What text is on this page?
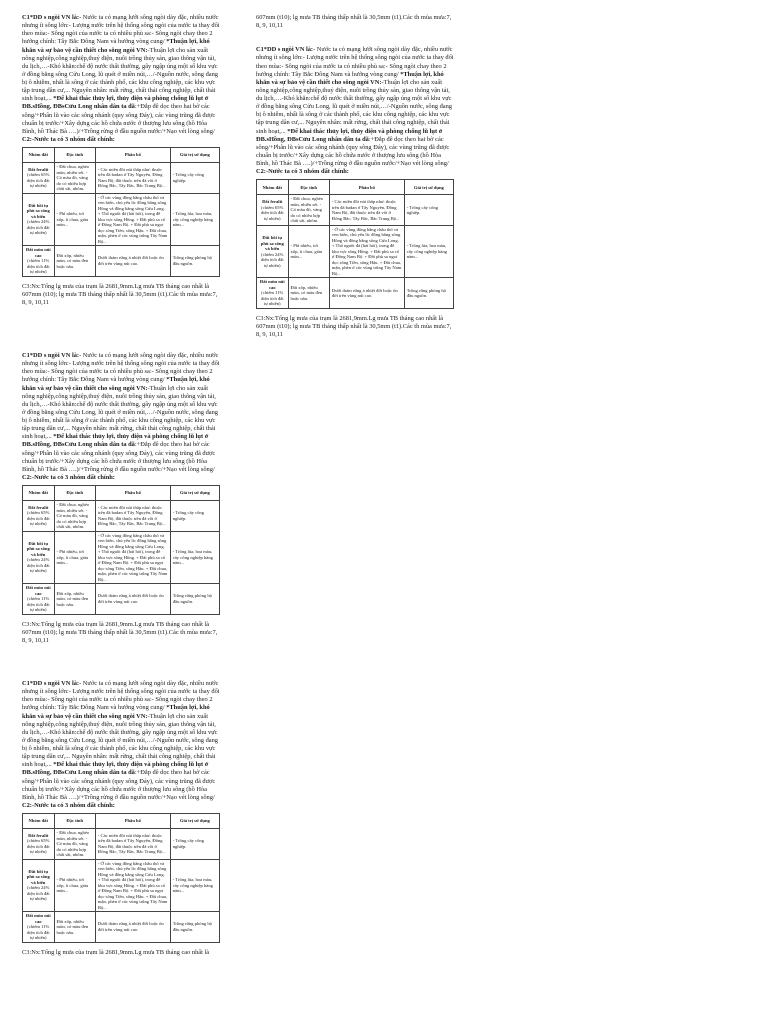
C1*DD s ngòi VN là:- Nước ta có mạng lưới sông ngòi dày đặc, nhiều nước nhưng ít sông lớn:- Lượng nước trên hệ thống sông ngòi của nước ta thay đổi theo mùa:- Sông ngòi của nước ta có nhiều phù sa:- Sông ngòi chay theo 2 hướng chính: Tây Bắc Đông Nam và hướng vòng cung/ *Thuận lợi, khó khăn và sự bảo vệ cần thiết cho sông ngòi VN:-Thuận lợi cho sản xuất nông nghiệp,công nghiệp,thuỷ điện, nuôi trồng thủy sản, giao thông vận tải, du lịch,…-Khó khăn:chế độ nước thất thường, gây ngập úng một số khu vực ở đồng bằng sông Cửu Long, lũ quét ở miền núi,…/-Nguồn nước, sông đang bị ô nhiễm, nhất là sông ở các thành phố, các khu công nghiệp, các khu vực tập trung dân cư,... Nguyên nhân: mất rừng, chất thải công nghiệp, chất thải sinh hoạt,... *Để khai thác thủy lợi, thủy điện và phòng chống lũ lụt ở ĐB.sHồng, ĐBsCửu Long nhân dân ta đã:+Đắp đê dọc theo hai bờ các sông/+Phân lũ vào các sông nhánh (quy sông Đáy), các vùng trũng đã được chuẩn bị trước/+Xây dựng các hồ chứa nước ở thượng lưu sông (hồ Hòa Bình, hồ Thác Bà ….)/+Trồng rừng ở đầu nguồn nước/+Nạo vét lòng sông/ C2:-Nước ta có 3 nhóm đất chính:

Nhóm đất	Đặc tính	Phân bố	Giá trị sử dụng
Đất feralit
(chiếm 65% diện tích đất tự nhiên)	- Đất chua, nghèo mùn, nhiều sét. - Có màu đỏ, vàng do có nhiều hợp chất sắt, nhôm.	- Các miền đồi núi thấp như: thuộc trên đá badan ở Tây Nguyên, Đông Nam Bộ, đất thuộc trên đá vôi ở Đông Bắc, Tây Bắc, Bắc Trung Bộ...	- Trồng cây công nghiệp.
Đất bồi tụ phù sa sông và biển
(chiếm 24% diện tích đất tự nhiên)	- Phì nhiêu, tơi xốp, ít chua, giàu mùn...	- Ở các vùng đồng bằng châu thổ và ven biển, chủ yếu là: đồng bằng sông Hồng và đồng bằng sông Cửu Long. + Thổ nguồi đá (hải hói), trong đê khu vực sông Hồng. + Đất phù sa cổ ở Đông Nam Bộ. + Đất phù sa ngọt dọc sông Tiền, sông Hậu. + Đất chua, mặn, phèn ở các vùng trũng Tây Nam Bộ...	- Trồng lúa, hoa màu, cây công nghiệp hàng năm...
Đất mùn núi cao
(chiếm 11% diện tích đất tự nhiên)	Đất xốp, nhiều mùn, có màu đen hoặc nâu.	Dưới thảm rừng á nhiệt đới hoặc ôn đới trên vùng núi cao.	Trồng rừng phòng hộ đầu nguồn.

C3:Nx:Tổng lg mưa của trạm là 2681,9mm.Lg mưa TB tháng cao nhất là 607mm (t10); lg mưa TB tháng thấp nhất là 30,5mm (t1).Các th mùa mưa:7, 8, 9, 10,11

C1*DD s ngòi VN là:- Nước ta có mạng lưới sông ngòi dày đặc, nhiều nước nhưng ít sông lớn:- Lượng nước trên hệ thống sông ngòi của nước ta thay đổi theo mùa:- Sông ngòi của nước ta có nhiều phù sa:- Sông ngòi chay theo 2 hướng chính: Tây Bắc Đông Nam và hướng vòng cung/ *Thuận lợi, khó khăn và sự bảo vệ cần thiết cho sông ngòi VN:-Thuận lợi cho sản xuất nông nghiệp,công nghiệp,thuỷ điện, nuôi trồng thủy sản, giao thông vận tải, du lịch,…-Khó khăn:chế độ nước thất thường, gây ngập úng một số khu vực ở đồng bằng sông Cửu Long, lũ quét ở miền núi,…/-Nguồn nước, sông đang bị ô nhiễm, nhất là sông ở các thành phố, các khu công nghiệp, các khu vực tập trung dân cư,... Nguyên nhân: mất rừng, chất thải công nghiệp, chất thải sinh hoạt,... *Để khai thác thủy lợi, thủy điện và phòng chống lũ lụt ở ĐB.sHồng, ĐBsCửu Long nhân dân ta đã:+Đắp đê dọc theo hai bờ các sông/+Phân lũ vào các sông nhánh (quy sông Đáy), các vùng trũng đã được chuẩn bị trước/+Xây dựng các hồ chứa nước ở thượng lưu sông (hồ Hòa Bình, hồ Thác Bà ….)/+Trồng rừng ở đầu nguồn nước/+Nạo vét lòng sông/ C2:-Nước ta có 3 nhóm đất chính:

Nhóm đất	Đặc tính	Phân bố	Giá trị sử dụng
Đất feralit
(chiếm 65% diện tích đất tự nhiên)	- Đất chua, nghèo mùn, nhiều sét. - Có màu đỏ, vàng do có nhiều hợp chất sắt, nhôm.	- Các miền đồi núi thấp như: thuộc trên đá badan ở Tây Nguyên, Đông Nam Bộ, đất thuộc trên đá vôi ở Đông Bắc, Tây Bắc, Bắc Trung Bộ...	- Trồng cây công nghiệp.
Đất bồi tụ phù sa sông và biển
(chiếm 24% diện tích đất tự nhiên)	- Phì nhiêu, tơi xốp, ít chua, giàu mùn...	- Ở các vùng đồng bằng châu thổ và ven biển, chủ yếu là: đồng bằng sông Hồng và đồng bằng sông Cửu Long. + Thổ nguồi đá (hải hói), trong đê khu vực sông Hồng. + Đất phù sa cổ ở Đông Nam Bộ. + Đất phù sa ngọt dọc sông Tiền, sông Hậu. + Đất chua, mặn, phèn ở các vùng trũng Tây Nam Bộ...	- Trồng lúa, hoa màu, cây công nghiệp hàng năm...
Đất mùn núi cao
(chiếm 11% diện tích đất tự nhiên)	Đất xốp, nhiều mùn, có màu đen hoặc nâu.	Dưới thảm rừng á nhiệt đới hoặc ôn đới trên vùng núi cao.	Trồng rừng phòng hộ đầu nguồn.

C3:Nx:Tổng lg mưa của trạm là 2681,9mm.Lg mưa TB tháng cao nhất là 607mm (t10); lg mưa TB tháng thấp nhất là 30,5mm (t1).Các th mùa mưa:7, 8, 9, 10,11

C1*DD s ngòi VN là:- Nước ta có mạng lưới sông ngòi dày đặc, nhiều nước nhưng ít sông lớn:- Lượng nước trên hệ thống sông ngòi của nước ta thay đổi theo mùa:- Sông ngòi của nước ta có nhiều phù sa:- Sông ngòi chay theo 2 hướng chính: Tây Bắc Đông Nam và hướng vòng cung/ *Thuận lợi, khó khăn và sự bảo vệ cần thiết cho sông ngòi VN:-Thuận lợi cho sản xuất nông nghiệp,công nghiệp,thuỷ điện, nuôi trồng thủy sản, giao thông vận tải, du lịch,…-Khó khăn:chế độ nước thất thường, gây ngập úng một số khu vực ở đồng bằng sông Cửu Long, lũ quét ở miền núi,…/-Nguồn nước, sông đang bị ô nhiễm, nhất là sông ở các thành phố, các khu công nghiệp, các khu vực tập trung dân cư,... Nguyên nhân: mất rừng, chất thải công nghiệp, chất thải sinh hoạt,... *Để khai thác thủy lợi, thủy điện và phòng chống lũ lụt ở ĐB.sHồng, ĐBsCửu Long nhân dân ta đã:+Đắp đê dọc theo hai bờ các sông/+Phân lũ vào các sông nhánh (quy sông Đáy), các vùng trũng đã được chuẩn bị trước/+Xây dựng các hồ chứa nước ở thượng lưu sông (hồ Hòa Bình, hồ Thác Bà ….)/+Trồng rừng ở đầu nguồn nước/+Nạo vét lòng sông/ C2:-Nước ta có 3 nhóm đất chính:

Nhóm đất	Đặc tính	Phân bố	Giá trị sử dụng
Đất feralit
(chiếm 65% diện tích đất tự nhiên)	- Đất chua, nghèo mùn, nhiều sét. - Có màu đỏ, vàng do có nhiều hợp chất sắt, nhôm.	- Các miền đồi núi thấp như: thuộc trên đá badan ở Tây Nguyên, Đông Nam Bộ, đất thuộc trên đá vôi ở Đông Bắc, Tây Bắc, Bắc Trung Bộ...	- Trồng cây công nghiệp.
Đất bồi tụ phù sa sông và biển
(chiếm 24% diện tích đất tự nhiên)	- Phì nhiêu, tơi xốp, ít chua, giàu mùn...	- Ở các vùng đồng bằng châu thổ và ven biển, chủ yếu là: đồng bằng sông Hồng và đồng bằng sông Cửu Long. + Thổ nguồi đá (hải hói), trong đê khu vực sông Hồng. + Đất phù sa cổ ở Đông Nam Bộ. + Đất phù sa ngọt dọc sông Tiền, sông Hậu. + Đất chua, mặn, phèn ở các vùng trũng Tây Nam Bộ...	- Trồng lúa, hoa màu, cây công nghiệp hàng năm...
Đất mùn núi cao
(chiếm 11% diện tích đất tự nhiên)	Đất xốp, nhiều mùn, có màu đen hoặc nâu.	Dưới thảm rừng á nhiệt đới hoặc ôn đới trên vùng núi cao.	Trồng rừng phòng hộ đầu nguồn.

C3:Nx:Tổng lg mưa của trạm là 2681,9mm.Lg mưa TB tháng cao nhất là

607mm (t10); lg mưa TB tháng thấp nhất là 30,5mm (t1).Các th mùa mưa:7, 8, 9, 10,11

C1*DD s ngòi VN là:- Nước ta có mạng lưới sông ngòi dày đặc, nhiều nước nhưng ít sông lớn:- Lượng nước trên hệ thống sông ngòi của nước ta thay đổi theo mùa:- Sông ngòi của nước ta có nhiều phù sa:- Sông ngòi chay theo 2 hướng chính: Tây Bắc Đông Nam và hướng vòng cung/ *Thuận lợi, khó khăn và sự bảo vệ cần thiết cho sông ngòi VN:-Thuận lợi cho sản xuất nông nghiệp,công nghiệp,thuỷ điện, nuôi trồng thủy sản, giao thông vận tải, du lịch,…-Khó khăn:chế độ nước thất thường, gây ngập úng một số khu vực ở đồng bằng sông Cửu Long, lũ quét ở miền núi,…/-Nguồn nước, sông đang bị ô nhiễm, nhất là sông ở các thành phố, các khu công nghiệp, các khu vực tập trung dân cư,... Nguyên nhân: mất rừng, chất thải công nghiệp, chất thải sinh hoạt,... *Để khai thác thủy lợi, thủy điện và phòng chống lũ lụt ở ĐB.sHồng, ĐBsCửu Long nhân dân ta đã:+Đắp đê dọc theo hai bờ các sông/+Phân lũ vào các sông nhánh (quy sông Đáy), các vùng trũng đã được chuẩn bị trước/+Xây dựng các hồ chứa nước ở thượng lưu sông (hồ Hòa Bình, hồ Thác Bà ….)/+Trồng rừng ở đầu nguồn nước/+Nạo vét lòng sông/ C2:-Nước ta có 3 nhóm đất chính:

Nhóm đất	Đặc tính	Phân bố	Giá trị sử dụng
Đất feralit
(chiếm 65% diện tích đất tự nhiên)	- Đất chua, nghèo mùn, nhiều sét. - Có màu đỏ, vàng do có nhiều hợp chất sắt, nhôm.	- Các miền đồi núi thấp như: thuộc trên đá badan ở Tây Nguyên, Đông Nam Bộ, đất thuộc trên đá vôi ở Đông Bắc, Tây Bắc, Bắc Trung Bộ...	- Trồng cây công nghiệp.
Đất bồi tụ phù sa sông và biển
(chiếm 24% diện tích đất tự nhiên)	- Phì nhiêu, tơi xốp, ít chua, giàu mùn...	- Ở các vùng đồng bằng châu thổ và ven biển, chủ yếu là: đồng bằng sông Hồng và đồng bằng sông Cửu Long. + Thổ nguồi đá (hải hói), trong đê khu vực sông Hồng. + Đất phù sa cổ ở Đông Nam Bộ. + Đất phù sa ngọt dọc sông Tiền, sông Hậu. + Đất chua, mặn, phèn ở các vùng trũng Tây Nam Bộ...	- Trồng lúa, hoa màu, cây công nghiệp hàng năm...
Đất mùn núi cao
(chiếm 11% diện tích đất tự nhiên)	Đất xốp, nhiều mùn, có màu đen hoặc nâu.	Dưới thảm rừng á nhiệt đới hoặc ôn đới trên vùng núi cao.	Trồng rừng phòng hộ đầu nguồn.

C3:Nx:Tổng lg mưa của trạm là 2681,9mm.Lg mưa TB tháng cao nhất là 607mm (t10); lg mưa TB tháng thấp nhất là 30,5mm (t1).Các th mùa mưa:7, 8, 9, 10,11
